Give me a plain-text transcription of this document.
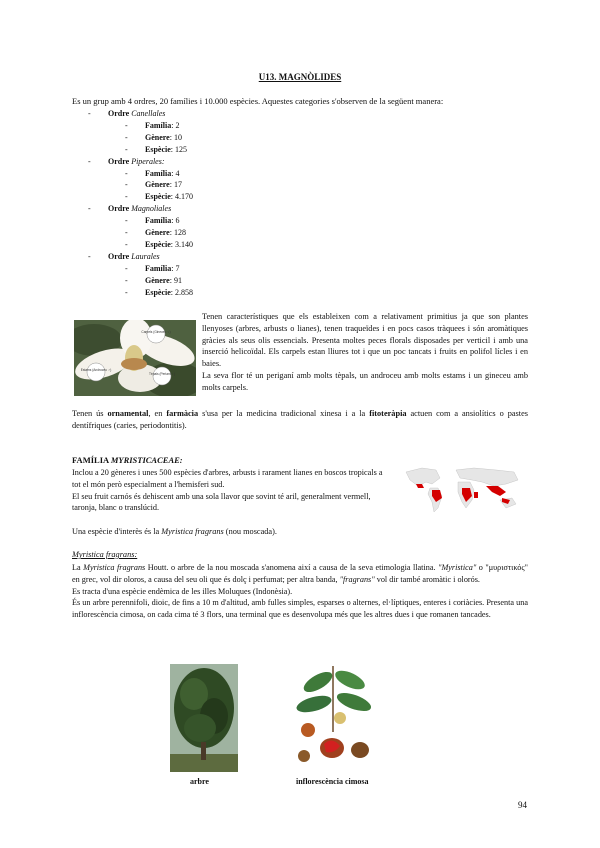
U13. MAGNÒLIDES
Es un grup amb 4 ordres, 20 famílies i 10.000 espècies. Aquestes categories s'observen de la següent manera:
- Ordre Canellales
- Família: 2
- Gènere: 10
- Espècie: 125
- Ordre Piperales:
- Família: 4
- Gènere: 17
- Espècie: 4.170
- Ordre Magnoliales
- Família: 6
- Gènere: 128
- Espècie: 3.140
- Ordre Laurales
- Família: 7
- Gènere: 91
- Espècie: 2.858
Carpels (Gineceu ♀)
Estams (Androceu ♂)
Tèpals (Periant ♀)
Tenen característiques que els estableixen com a relativament primitius ja que son plantes llenyoses (arbres, arbusts o lianes), tenen traqueïdes i en pocs casos tràquees i són aromàtiques gràcies als seus olis essencials. Presenta moltes peces florals disposades per verticil i amb una inserció helicoïdal. Els carpels estan lliures tot i que un poc tancats i fruits en polifol lícles i en baies.
La seva flor té un periganí amb molts tèpals, un androceu amb molts estams i un gineceu amb molts carpels.
Tenen ús ornamental, en farmàcia s'usa per la medicina tradicional xinesa i a la fitoteràpia actuen com a ansiolítics o pastes dentífriques (caries, periodontitis).
FAMÍLIA MYRISTICACEAE:
Inclou a 20 gèneres i unes 500 espècies d'arbres, arbusts i rarament lianes en boscos tropicals a tot el món però especialment a l'hemisferi sud.
El seu fruit carnós és dehiscent amb una sola llavor que sovint té aril, generalment vermell, taronja, blanc o translúcid.
Una espècie d'interès és la Myristica fragrans (nou moscada).
Myristica fragrans:
La Myristica fragrans Houtt. o arbre de la nou moscada s'anomena així a causa de la seva etimologia llatina. "Myristica" o "μυριστικός" en grec, vol dir oloros, a causa del seu oli que és dolç i perfumat; per altra banda, "fragrans" vol dir també aromàtic i olorós.
Es tracta d'una espècie endèmica de les illes Moluques (Indonèsia).
És un arbre perennifoli, dioic, de fins a 10 m d'altitud, amb fulles simples, esparses o alternes, el·líptiques, enteres i coriàcies. Presenta una inflorescència cimosa, on cada cima té 3 flors, una terminal que es desenvolupa més que les altres dues i que romanen tancades.
arbre	inflorescència cimosa
94
